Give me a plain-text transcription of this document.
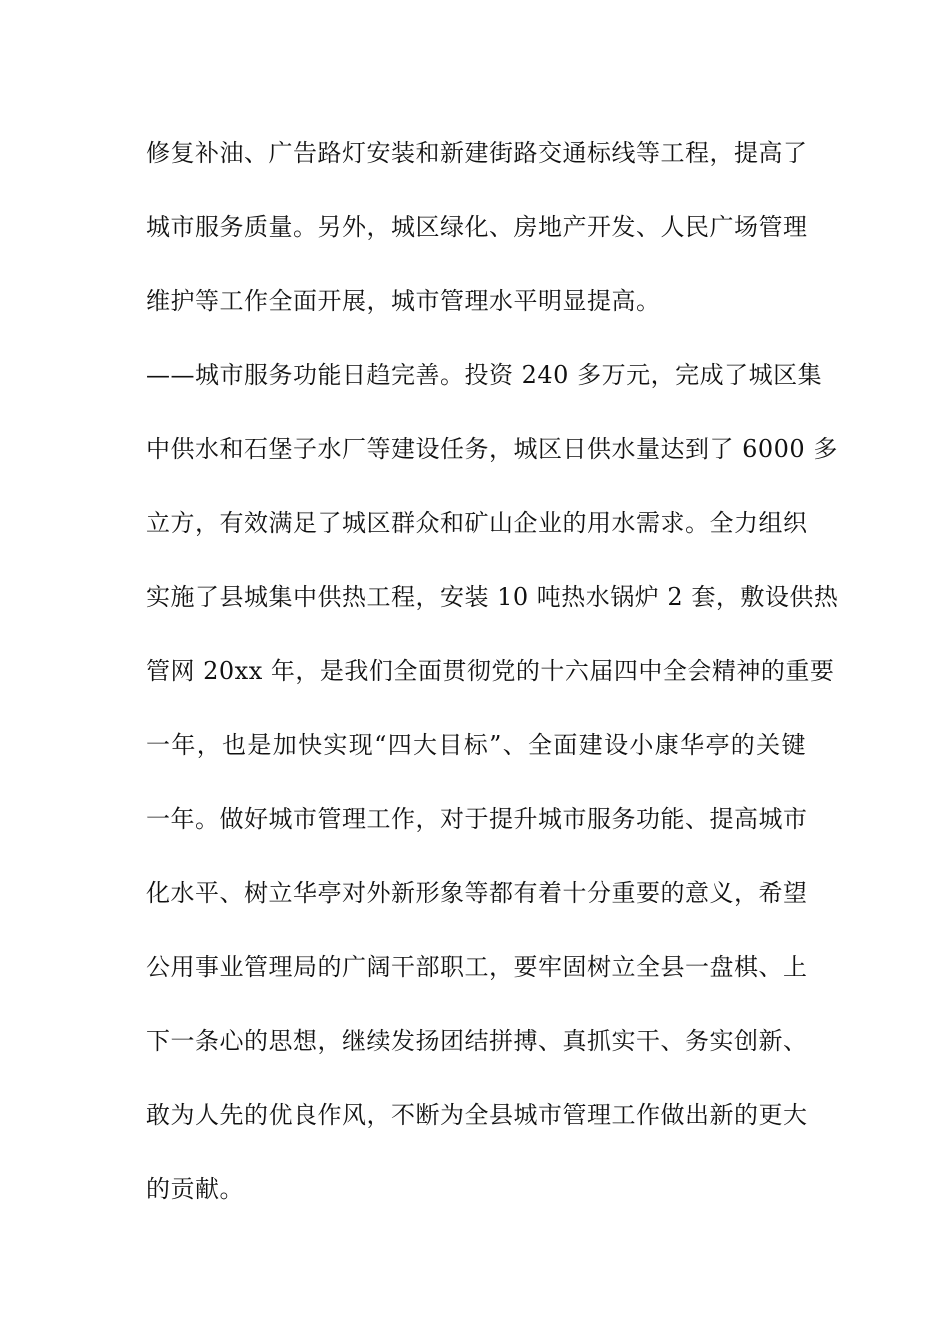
修复补油、广告路灯安装和新建街路交通标线等工程，提高了
城市服务质量。另外，城区绿化、房地产开发、人民广场管理
维护等工作全面开展，城市管理水平明显提高。
——城市服务功能日趋完善。投资 240 多万元，完成了城区集
中供水和石堡子水厂等建设任务，城区日供水量达到了 6000 多
立方，有效满足了城区群众和矿山企业的用水需求。全力组织
实施了县城集中供热工程，安装 10 吨热水锅炉 2 套，敷设供热
管网 20xx 年，是我们全面贯彻党的十六届四中全会精神的重要
一年，也是加快实现“四大目标”、全面建设小康华亭的关键
一年。做好城市管理工作，对于提升城市服务功能、提高城市
化水平、树立华亭对外新形象等都有着十分重要的意义，希望
公用事业管理局的广阔干部职工，要牢固树立全县一盘棋、上
下一条心的思想，继续发扬团结拼搏、真抓实干、务实创新、
敢为人先的优良作风，不断为全县城市管理工作做出新的更大
的贡献。
